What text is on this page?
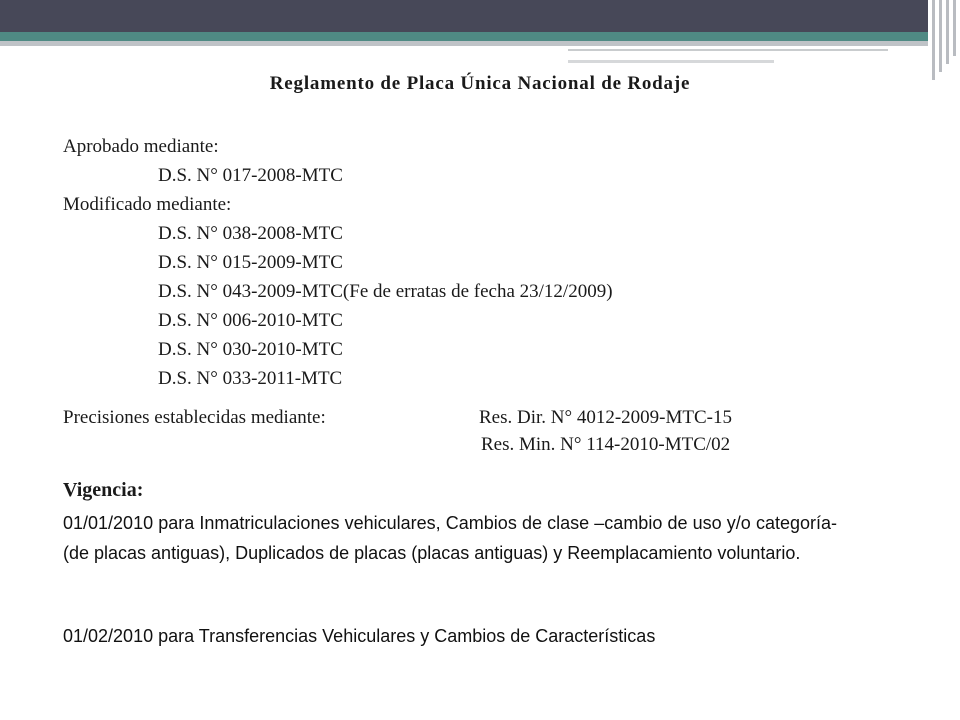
Reglamento de Placa Única Nacional de Rodaje
Aprobado mediante:
D.S. N° 017-2008-MTC
Modificado mediante:
D.S. N° 038-2008-MTC
D.S. N° 015-2009-MTC
D.S. N° 043-2009-MTC(Fe de erratas de fecha 23/12/2009)
D.S. N° 006-2010-MTC
D.S. N° 030-2010-MTC
D.S. N° 033-2011-MTC
Precisiones establecidas mediante:	Res. Dir. N° 4012-2009-MTC-15
Res. Min. N° 114-2010-MTC/02
Vigencia:
01/01/2010 para Inmatriculaciones vehiculares, Cambios de clase –cambio de uso y/o categoría- (de placas antiguas), Duplicados de placas (placas antiguas) y Reemplacamiento voluntario.
01/02/2010 para Transferencias Vehiculares y Cambios de Características
